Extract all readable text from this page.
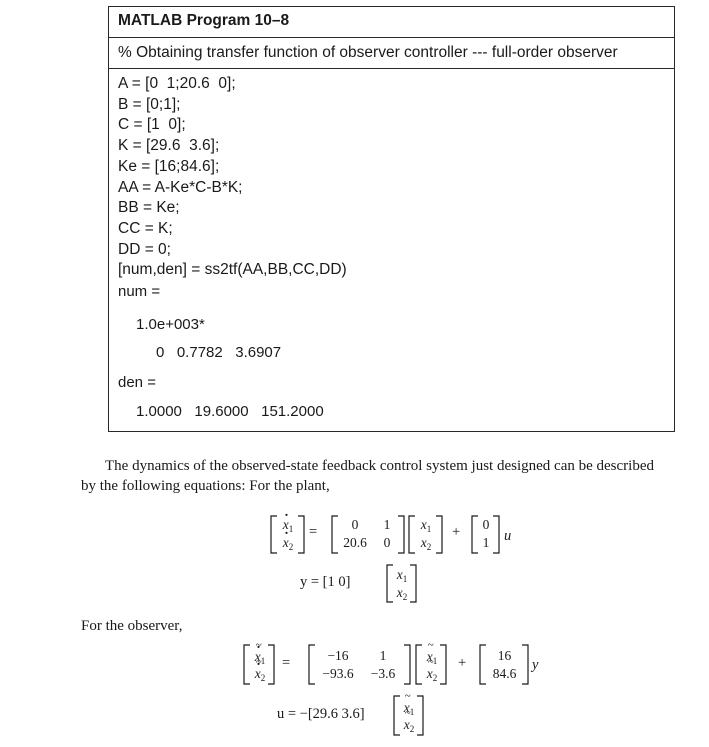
MATLAB Program 10–8
% Obtaining transfer function of observer controller --- full-order observer
A = [0  1;20.6  0];
B = [0;1];
C = [1  0];
K = [29.6  3.6];
Ke = [16;84.6];
AA = A-Ke*C-B*K;
BB = Ke;
CC = K;
DD = 0;
[num,den] = ss2tf(AA,BB,CC,DD)
num =
1.0e+003*
0   0.7782   3.6907
den =
1.0000   19.6000   151.2000
The dynamics of the observed-state feedback control system just designed can be described
by the following equations: For the plant,
. $x_1$
. $x_2$
=	0	1
20.6	0
$x_1$
$x_2$
+ 0
1 u
y = [1 0]	$x_1$
$x_2$
For the observer,
~ . $x_1$
~ . $x_2$
=	−16	1
−93.6	−3.6
~ $x_1$
~ $x_2$
+	16
84.6
y
u = −[29.6 3.6]
~	$x_1$
~ $x_2$
